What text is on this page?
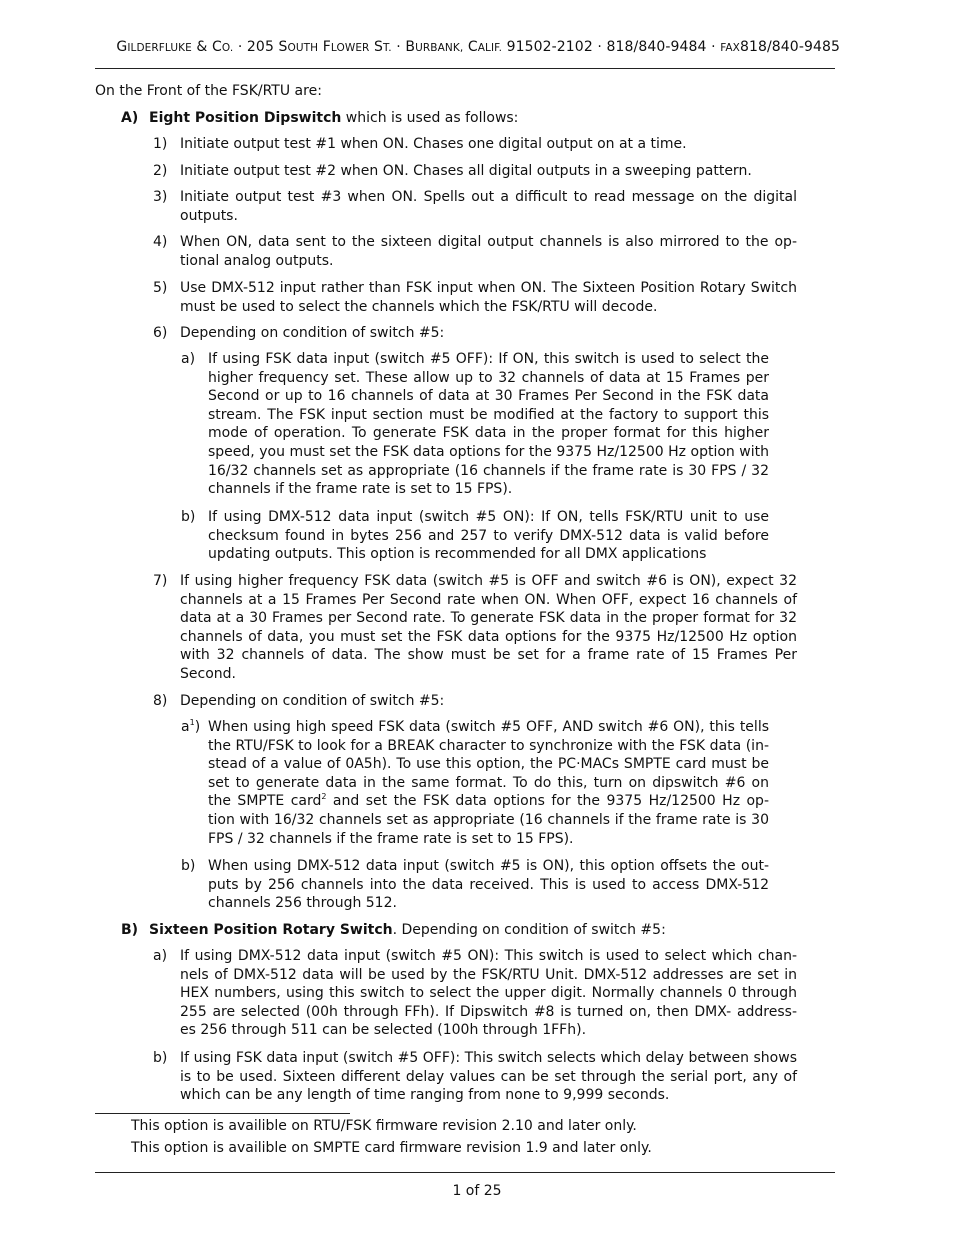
GILDERFLUKE & CO. · 205 SOUTH FLOWER ST. · BURBANK, CALIF. 91502-2102 · 818/840-9484 · FAX818/840-9485
On the Front of the FSK/RTU are:
A) Eight Position Dipswitch which is used as follows:
1) Initiate output test #1 when ON. Chases one digital output on at a time.
2) Initiate output test #2 when ON. Chases all digital outputs in a sweeping pattern.
3) Initiate output test #3 when ON. Spells out a difficult to read message on the digital outputs.
4) When ON, data sent to the sixteen digital output channels is also mirrored to the op- tional analog outputs.
5) Use DMX-512 input rather than FSK input when ON. The Sixteen Position Rotary Switch must be used to select the channels which the FSK/RTU will decode.
6) Depending on condition of switch #5:
a) If using FSK data input (switch #5 OFF): If ON, this switch is used to select the higher frequency set. These allow up to 32 channels of data at 15 Frames per Second or up to 16 channels of data at 30 Frames Per Second in the FSK data stream. The FSK input section must be modified at the factory to support this mode of operation. To generate FSK data in the proper format for this higher speed, you must set the FSK data options for the 9375 Hz/12500 Hz option with 16/32 channels set as appropriate (16 channels if the frame rate is 30 FPS / 32 channels if the frame rate is set to 15 FPS).
b) If using DMX-512 data input (switch #5 ON): If ON, tells FSK/RTU unit to use checksum found in bytes 256 and 257 to verify DMX-512 data is valid before updating outputs. This option is recommended for all DMX applications
7) If using higher frequency FSK data (switch #5 is OFF and switch #6 is ON), expect 32 channels at a 15 Frames Per Second rate when ON. When OFF, expect 16 channels of data at a 30 Frames per Second rate. To generate FSK data in the proper format for 32 channels of data, you must set the FSK data options for the 9375 Hz/12500 Hz option with 32 channels of data. The show must be set for a frame rate of 15 Frames Per Second.
8) Depending on condition of switch #5:
$a^1$) When using high speed FSK data (switch #5 OFF, AND switch #6 ON), this tells the RTU/FSK to look for a BREAK character to synchronize with the FSK data (in- stead of a value of 0A5h). To use this option, the PC·MACs SMPTE card must be set to generate data in the same format. To do this, turn on dipswitch #6 on the SMPTE card$^2$ and set the FSK data options for the 9375 Hz/12500 Hz op- tion with 16/32 channels set as appropriate (16 channels if the frame rate is 30 FPS / 32 channels if the frame rate is set to 15 FPS).
b) When using DMX-512 data input (switch #5 is ON), this option offsets the out- puts by 256 channels into the data received. This is used to access DMX-512 channels 256 through 512.
B) Sixteen Position Rotary Switch. Depending on condition of switch #5:
a) If using DMX-512 data input (switch #5 ON): This switch is used to select which chan- nels of DMX-512 data will be used by the FSK/RTU Unit. DMX-512 addresses are set in HEX numbers, using this switch to select the upper digit. Normally channels 0 through 255 are selected (00h through FFh). If Dipswitch #8 is turned on, then DMX- address- es 256 through 511 can be selected (100h through 1FFh).
b) If using FSK data input (switch #5 OFF): This switch selects which delay between shows is to be used. Sixteen different delay values can be set through the serial port, any of which can be any length of time ranging from none to 9,999 seconds.
This option is availible on RTU/FSK firmware revision 2.10 and later only.
This option is availible on SMPTE card firmware revision 1.9 and later only.
1 of 25
